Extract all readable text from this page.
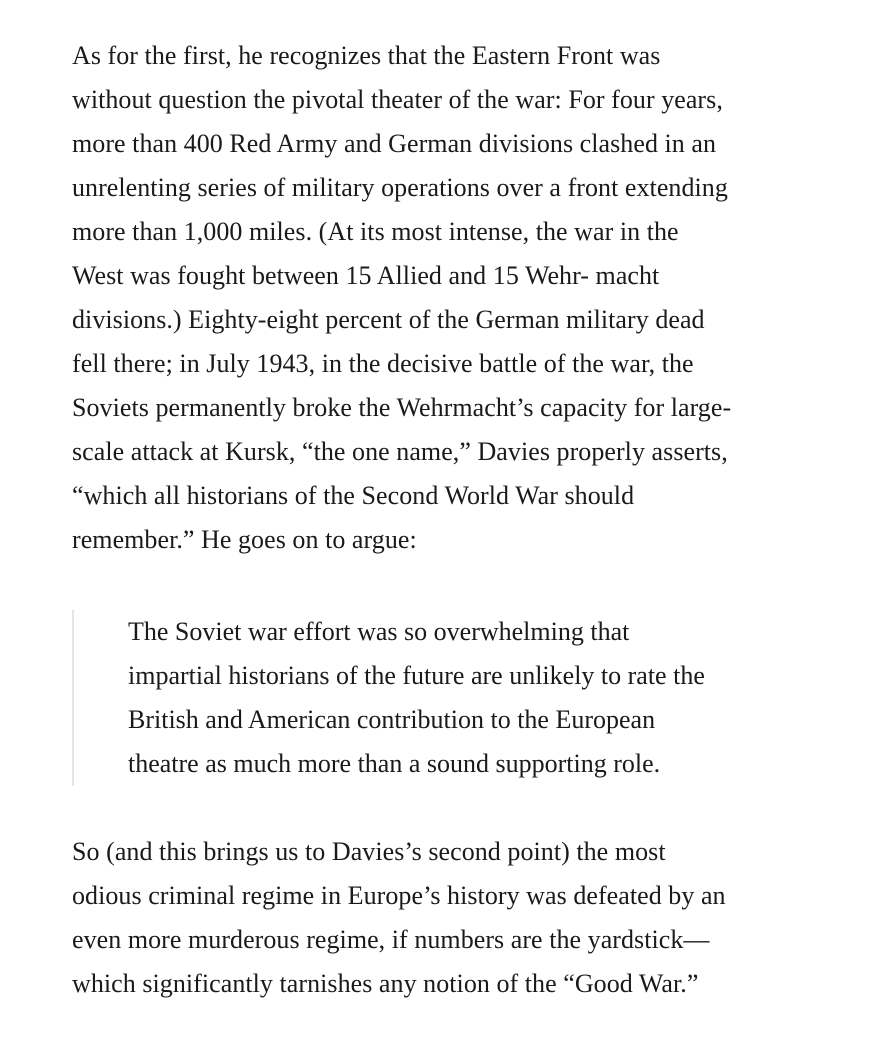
As for the first, he recognizes that the Eastern Front was
without question the pivotal theater of the war: For four years,
more than 400 Red Army and German divisions clashed in an
unrelenting series of military operations over a front extending
more than 1,000 miles. (At its most intense, the war in the
West was fought between 15 Allied and 15 Wehr- macht
divisions.) Eighty-eight percent of the German military dead
fell there; in July 1943, in the decisive battle of the war, the
Soviets permanently broke the Wehrmacht’s capacity for large-
scale attack at Kursk, “the one name,” Davies properly asserts,
“which all historians of the Second World War should
remember.” He goes on to argue:

The Soviet war effort was so overwhelming that
impartial historians of the future are unlikely to rate the
British and American contribution to the European
theatre as much more than a sound supporting role.

So (and this brings us to Davies’s second point) the most
odious criminal regime in Europe’s history was defeated by an
even more murderous regime, if numbers are the yardstick—
which significantly tarnishes any notion of the “Good War.”
